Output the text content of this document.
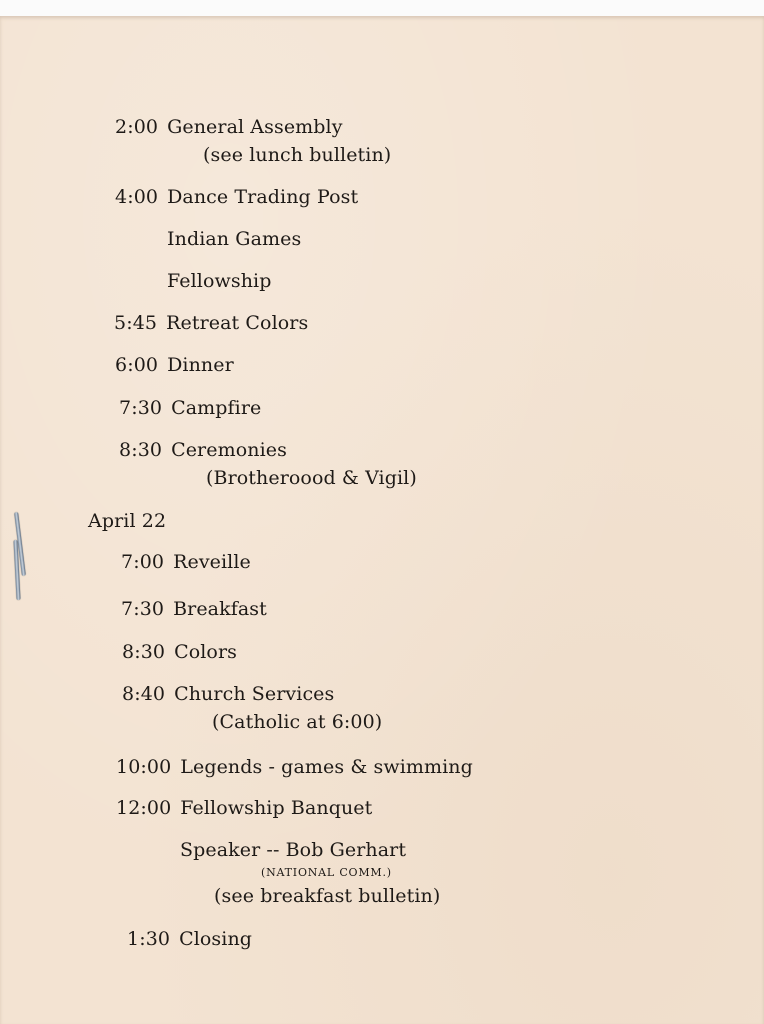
2:00 General Assembly
(see lunch bulletin)
4:00 Dance Trading Post
Indian Games
Fellowship
5:45 Retreat Colors
6:00 Dinner
7:30 Campfire
8:30 Ceremonies
(Brotheroood & Vigil)
April 22
7:00 Reveille
7:30 Breakfast
8:30 Colors
8:40 Church Services
(Catholic at 6:00)
10:00 Legends - games & swimming
12:00 Fellowship Banquet
Speaker -- Bob Gerhart
(NATIONAL COMM.)
(see breakfast bulletin)
1:30 Closing
